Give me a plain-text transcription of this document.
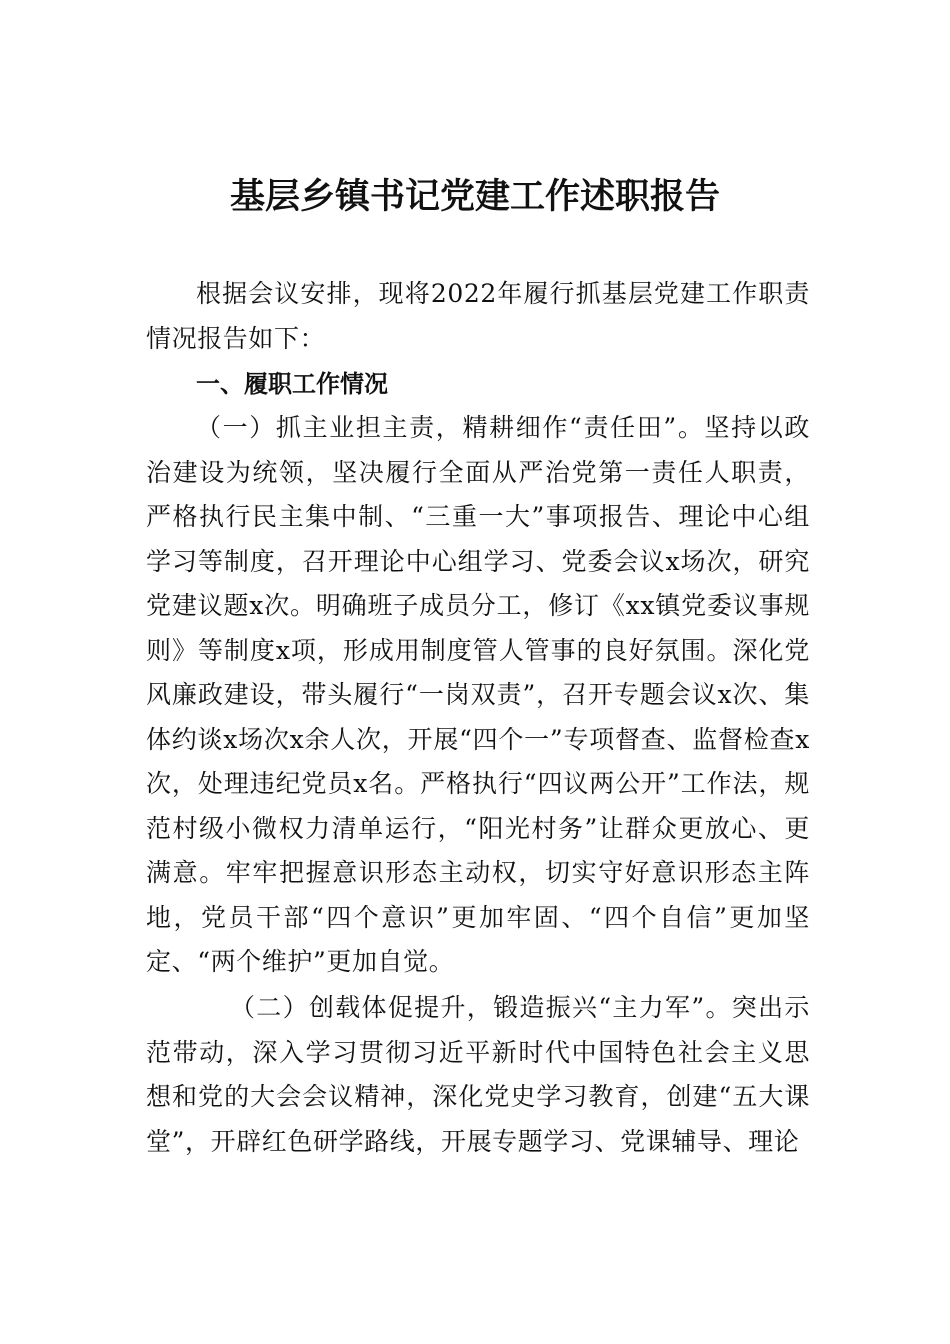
基层乡镇书记党建工作述职报告

根据会议安排，现将2022年履行抓基层党建工作职责情况报告如下：

一、履职工作情况

（一）抓主业担主责，精耕细作“责任田”。坚持以政治建设为统领，坚决履行全面从严治党第一责任人职责，严格执行民主集中制、“三重一大”事项报告、理论中心组学习等制度，召开理论中心组学习、党委会议x场次，研究党建议题x次。明确班子成员分工，修订《xx镇党委议事规则》等制度x项，形成用制度管人管事的良好氛围。深化党风廉政建设，带头履行“一岗双责”，召开专题会议x次、集体约谈x场次x余人次，开展“四个一”专项督查、监督检查x次，处理违纪党员x名。严格执行“四议两公开”工作法，规范村级小微权力清单运行，“阳光村务”让群众更放心、更满意。牢牢把握意识形态主动权，切实守好意识形态主阵地，党员干部“四个意识”更加牢固、“四个自信”更加坚定、“两个维护”更加自觉。

（二）创载体促提升，锻造振兴“主力军”。突出示范带动，深入学习贯彻习近平新时代中国特色社会主义思想和党的大会会议精神，深化党史学习教育，创建“五大课堂”，开辟红色研学路线，开展专题学习、党课辅导、理论
